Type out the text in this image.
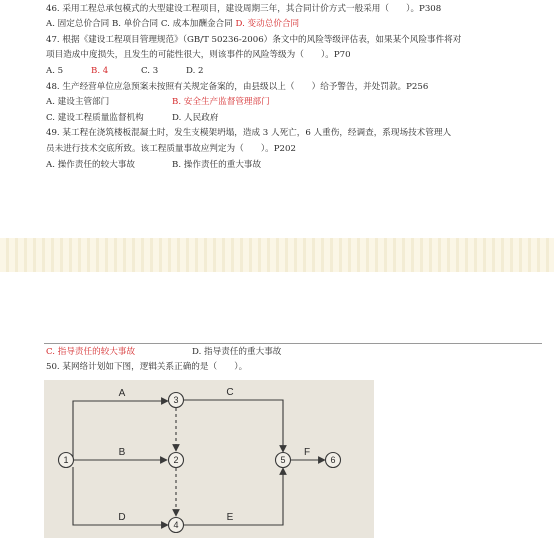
46. 采用工程总承包模式的大型建设工程项目，建设周期三年，其合同计价方式一般采用（　　）。P308
A. 固定总价合同 B. 单价合同 C. 成本加酬金合同 D. 变动总价合同
47. 根据《建设工程项目管理规范》（GB/T 50236-2006）条文中的风险等级评估表，如果某个风险事件将对
项目造成中度损失，且发生的可能性很大，则该事件的风险等级为（　　）。P70
A. 5	B. 4	C. 3	D. 2
48. 生产经营单位应急预案未按照有关规定备案的，由县级以上（　　）给予警告，并处罚款。P256
A. 建设主管部门	B. 安全生产监督管理部门
C. 建设工程质量监督机构	D. 人民政府
49. 某工程在浇筑楼板混凝土时，发生支模架坍塌，造成 3 人死亡，6 人重伤，经调查，系现场技术管理人
员未进行技术交底所致。该工程质量事故应判定为（　　）。P202
A. 操作责任的较大事故	B. 操作责任的重大事故
C. 指导责任的较大事故	D. 指导责任的重大事故
50. 某网络计划如下图，逻辑关系正确的是（　　）。
1	2
3
4
5	6
A
B
C
D	E
F
